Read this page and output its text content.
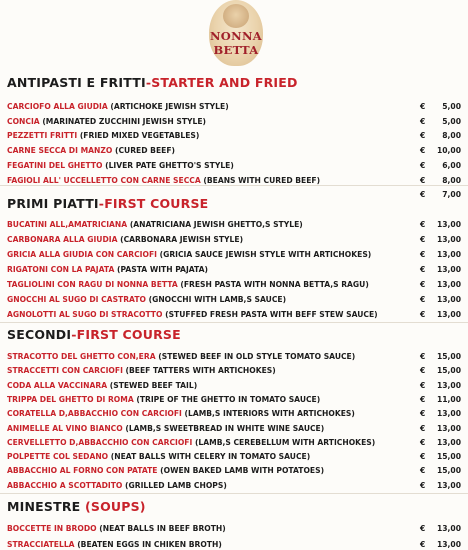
NONNA
BETTA
ANTIPASTI E FRITTI-STARTER AND FRIED
CARCIOFO ALLA GIUDIA (ARTICHOKE JEWISH STYLE)	€ 5,00
CONCIA (MARINATED ZUCCHINI JEWISH STYLE)	€ 5,00
PEZZETTI FRITTI (FRIED MIXED VEGETABLES)	€ 8,00
CARNE SECCA DI MANZO (CURED BEEF)	€ 10,00
FEGATINI DEL GHETTO (LIVER PATE GHETTO'S STYLE)	€ 6,00
FAGIOLI ALL' UCCELLETTO CON CARNE SECCA (BEANS WITH CURED BEEF)	€ 8,00
€ 7,00
PRIMI PIATTI-FIRST COURSE
BUCATINI ALL,AMATRICIANA (ANATRICIANA JEWISH GHETTO,S STYLE)	€ 13,00
CARBONARA ALLA GIUDIA (CARBONARA JEWISH STYLE)	€ 13,00
GRICIA ALLA GIUDIA CON CARCIOFI (GRICIA SAUCE JEWISH STYLE WITH ARTICHOKES)	€ 13,00
RIGATONI CON LA PAJATA (PASTA WITH PAJATA)	€ 13,00
TAGLIOLINI CON RAGU DI NONNA BETTA (FRESH PASTA WITH NONNA BETTA,S RAGU)	€ 13,00
GNOCCHI AL SUGO DI CASTRATO (GNOCCHI WITH LAMB,S SAUCE)	€ 13,00
AGNOLOTTI AL SUGO DI STRACOTTO (STUFFED FRESH PASTA WITH BEFF STEW SAUCE)	€ 13,00
SECONDI-FIRST COURSE
STRACOTTO DEL GHETTO CON,ERA (STEWED BEEF IN OLD STYLE TOMATO SAUCE)	€ 15,00
STRACCETTI CON CARCIOFI (BEEF TATTERS WITH ARTICHOKES)	€ 15,00
CODA ALLA VACCINARA (STEWED BEEF TAIL)	€ 13,00
TRIPPA DEL GHETTO DI ROMA (TRIPE OF THE GHETTO IN TOMATO SAUCE)	€ 11,00
CORATELLA D,ABBACCHIO CON CARCIOFI (LAMB,S INTERIORS WITH ARTICHOKES)	€ 13,00
ANIMELLE AL VINO BIANCO (LAMB,S SWEETBREAD IN WHITE WINE SAUCE)	€ 13,00
CERVELLETTO D,ABBACCHIO CON CARCIOFI (LAMB,S CEREBELLUM WITH ARTICHOKES)	€ 13,00
POLPETTE COL SEDANO (NEAT BALLS WITH CELERY IN TOMATO SAUCE)	€ 15,00
ABBACCHIO AL FORNO CON PATATE (OWEN BAKED LAMB WITH POTATOES)	€ 15,00
ABBACCHIO A SCOTTADITO (GRILLED LAMB CHOPS)	€ 13,00
MINESTRE (SOUPS)
BOCCETTE IN BRODO (NEAT BALLS IN BEEF BROTH)	€ 13,00
STRACCIATELLA (BEATEN EGGS IN CHIKEN BROTH)	€ 13,00
